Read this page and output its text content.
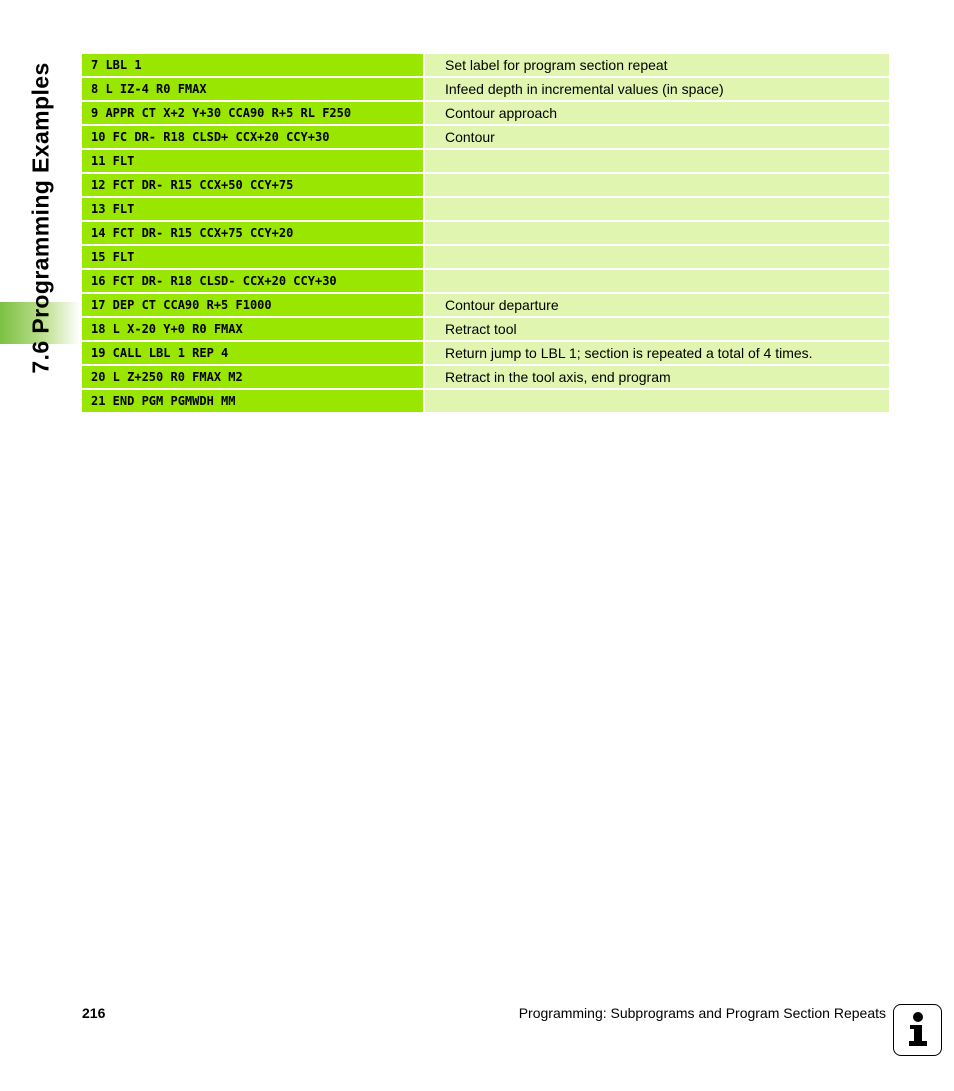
7.6 Programming Examples	7 LBL 1	Set label for program section repeat
8 L IZ-4 R0 FMAX	Infeed depth in incremental values (in space)
9 APPR CT X+2 Y+30 CCA90 R+5 RL F250	Contour approach
10 FC DR- R18 CLSD+ CCX+20 CCY+30	Contour
11 FLT
12 FCT DR- R15 CCX+50 CCY+75
13 FLT
14 FCT DR- R15 CCX+75 CCY+20
15 FLT
16 FCT DR- R18 CLSD- CCX+20 CCY+30
17 DEP CT CCA90 R+5 F1000	Contour departure
18 L X-20 Y+0 R0 FMAX	Retract tool
19 CALL LBL 1 REP 4	Return jump to LBL 1; section is repeated a total of 4 times.
20 L Z+250 R0 FMAX M2	Retract in the tool axis, end program
21 END PGM PGMWDH MM
216	Programming: Subprograms and Program Section Repeats
